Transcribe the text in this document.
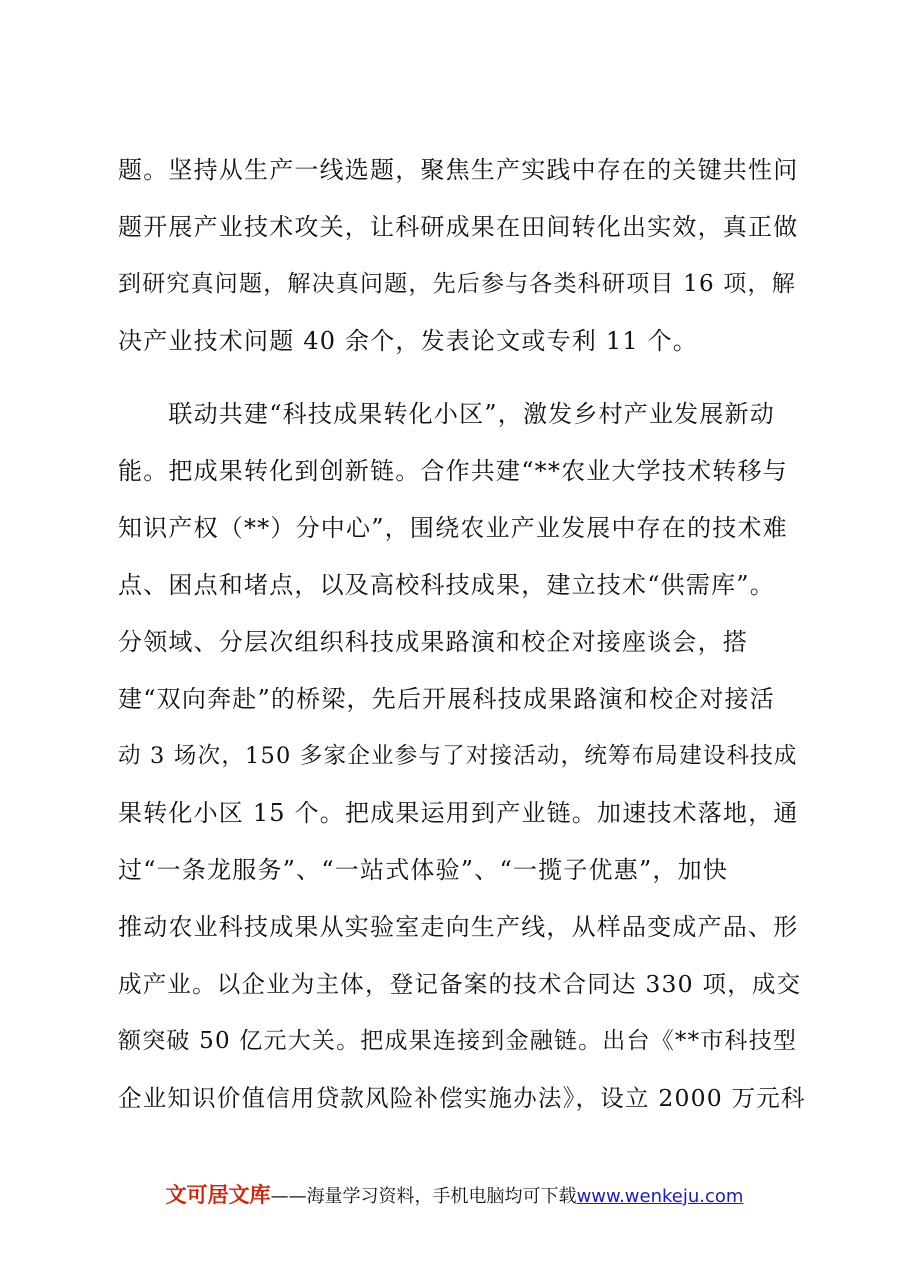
题。坚持从生产一线选题，聚焦生产实践中存在的关键共性问
题开展产业技术攻关，让科研成果在田间转化出实效，真正做
到研究真问题，解决真问题，先后参与各类科研项目 16 项，解
决产业技术问题 40 余个，发表论文或专利 11 个。
　　联动共建“科技成果转化小区”，激发乡村产业发展新动
能。把成果转化到创新链。合作共建“**农业大学技术转移与
知识产权（**）分中心”，围绕农业产业发展中存在的技术难
点、困点和堵点，以及高校科技成果，建立技术“供需库”。
分领域、分层次组织科技成果路演和校企对接座谈会，搭
建“双向奔赴”的桥梁，先后开展科技成果路演和校企对接活
动 3 场次，150 多家企业参与了对接活动，统筹布局建设科技成
果转化小区 15 个。把成果运用到产业链。加速技术落地，通
过“一条龙服务”、“一站式体验”、“一揽子优惠”，加快
推动农业科技成果从实验室走向生产线，从样品变成产品、形
成产业。以企业为主体，登记备案的技术合同达 330 项，成交
额突破 50 亿元大关。把成果连接到金融链。出台《**市科技型
企业知识价值信用贷款风险补偿实施办法》，设立 2000 万元科
文可居文库——海量学习资料，手机电脑均可下载www.wenkeju.com
